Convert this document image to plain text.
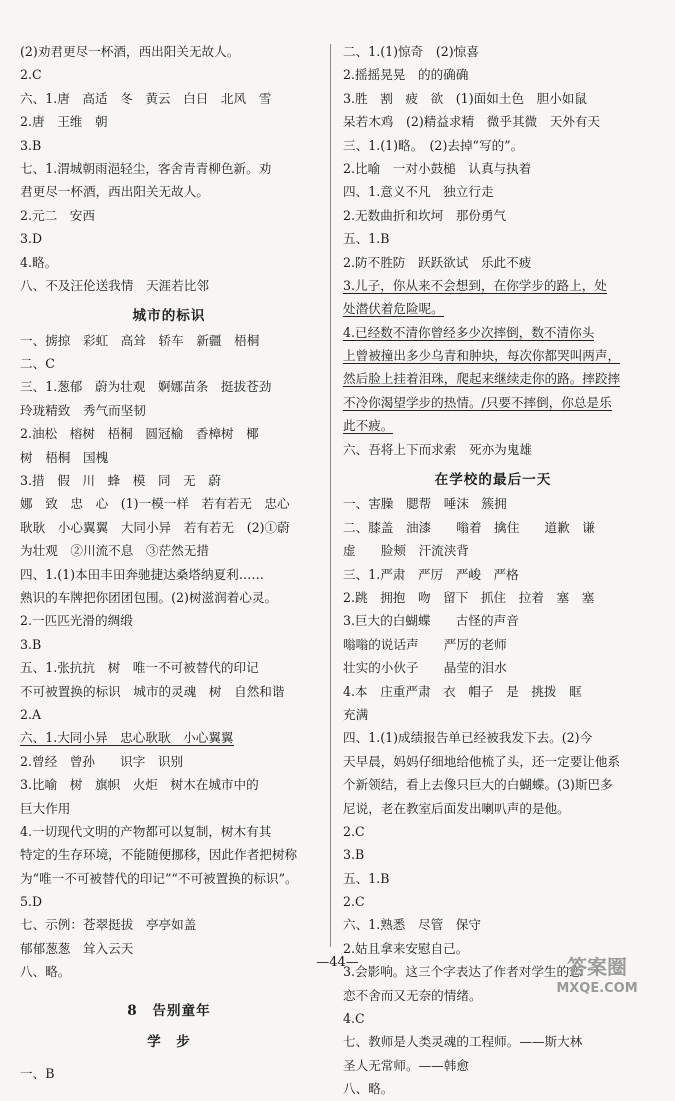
(2)劝君更尽一杯酒，西出阳关无故人。
2.C
六、1.唐　高适　冬　黄云　白日　北风　雪
2.唐　王维　朝
3.B
七、1.渭城朝雨浥轻尘，客舍青青柳色新。劝
君更尽一杯酒，西出阳关无故人。
2.元二　安西
3.D
4.略。
八、不及汪伦送我情　天涯若比邻
城市的标识
一、掳掠　彩虹　高耸　轿车　新疆　梧桐
二、C
三、1.葱郁　蔚为壮观　婀娜苗条　挺拔苍劲
玲珑精致　秀气而坚韧
2.油松　榕树　梧桐　圆冠榆　香樟树　椰
树　梧桐　国槐
3.措　假　川　蜂　模　同　无　蔚
娜　致　忠　心　(1)一模一样　若有若无　忠心
耿耿　小心翼翼　大同小异　若有若无　(2)①蔚
为壮观　②川流不息　③茫然无措
四、1.(1)本田丰田奔驰捷达桑塔纳夏利……
熟识的车牌把你团团包围。(2)树滋润着心灵。
2.一匹匹光滑的绸缎
3.B
五、1.张抗抗　树　唯一不可被替代的印记
不可被置换的标识　城市的灵魂　树　自然和谐
2.A
六、1.大同小异　忠心耿耿　小心翼翼
2.曾经　曾孙　　识字　识别
3.比喻　树　旗帜　火炬　树木在城市中的
巨大作用
4.一切现代文明的产物都可以复制，树木有其
特定的生存环境，不能随便挪移，因此作者把树称
为“唯一不可被替代的印记”“不可被置换的标识”。
5.D
七、示例：苍翠挺拔　亭亭如盖
郁郁葱葱　耸入云天
八、略。
8　告别童年
学　步
一、B
二、1.(1)惊奇　(2)惊喜
2.摇摇晃晃　的的确确
3.胜　割　疲　欲　(1)面如土色　胆小如鼠
呆若木鸡　(2)精益求精　微乎其微　天外有天
三、1.(1)略。　(2)去掉“写的”。
2.比喻　一对小鼓槌　认真与执着
四、1.意义不凡　独立行走
2.无数曲折和坎坷　那份勇气
五、1.B
2.防不胜防　跃跃欲试　乐此不疲
3.儿子，你从来不会想到，在你学步的路上，处
处潜伏着危险呢。
4.已经数不清你曾经多少次摔倒，数不清你头
上曾被撞出多少乌青和肿块，每次你都哭叫两声，
然后脸上挂着泪珠，爬起来继续走你的路。摔跤摔
不冷你渴望学步的热情。/只要不摔倒，你总是乐
此不疲。
六、吾将上下而求索　死亦为鬼雄
在学校的最后一天
一、害臊　腮帮　唾沫　簇拥
二、膝盖　油漆　　嗡着　擒住　　道歉　谦
虚　　脸颊　汗流浃背
三、1.严肃　严厉　严峻　严格
2.跳　拥抱　吻　留下　抓住　拉着　塞　塞
3.巨大的白蝴蝶　　古怪的声音
嗡嗡的说话声　　严厉的老师
壮实的小伙子　　晶莹的泪水
4.本　庄重严肃　衣　帽子　是　挑拨　眶
充满
四、1.(1)成绩报告单已经被我发下去。(2)今
天早晨，妈妈仔细地给他梳了头，还一定要让他系
个新领结，看上去像只巨大的白蝴蝶。(3)斯巴多
尼说，老在教室后面发出喇叭声的是他。
2.C
3.B
五、1.B
2.C
六、1.熟悉　尽管　保守
2.姑且拿来安慰自己。
3.会影响。这三个字表达了作者对学生的恋
恋不舍而又无奈的情绪。
4.C
七、教师是人类灵魂的工程师。——斯大林
圣人无常师。——韩愈
八、略。
—44—	答案圈
MXQE.COM
